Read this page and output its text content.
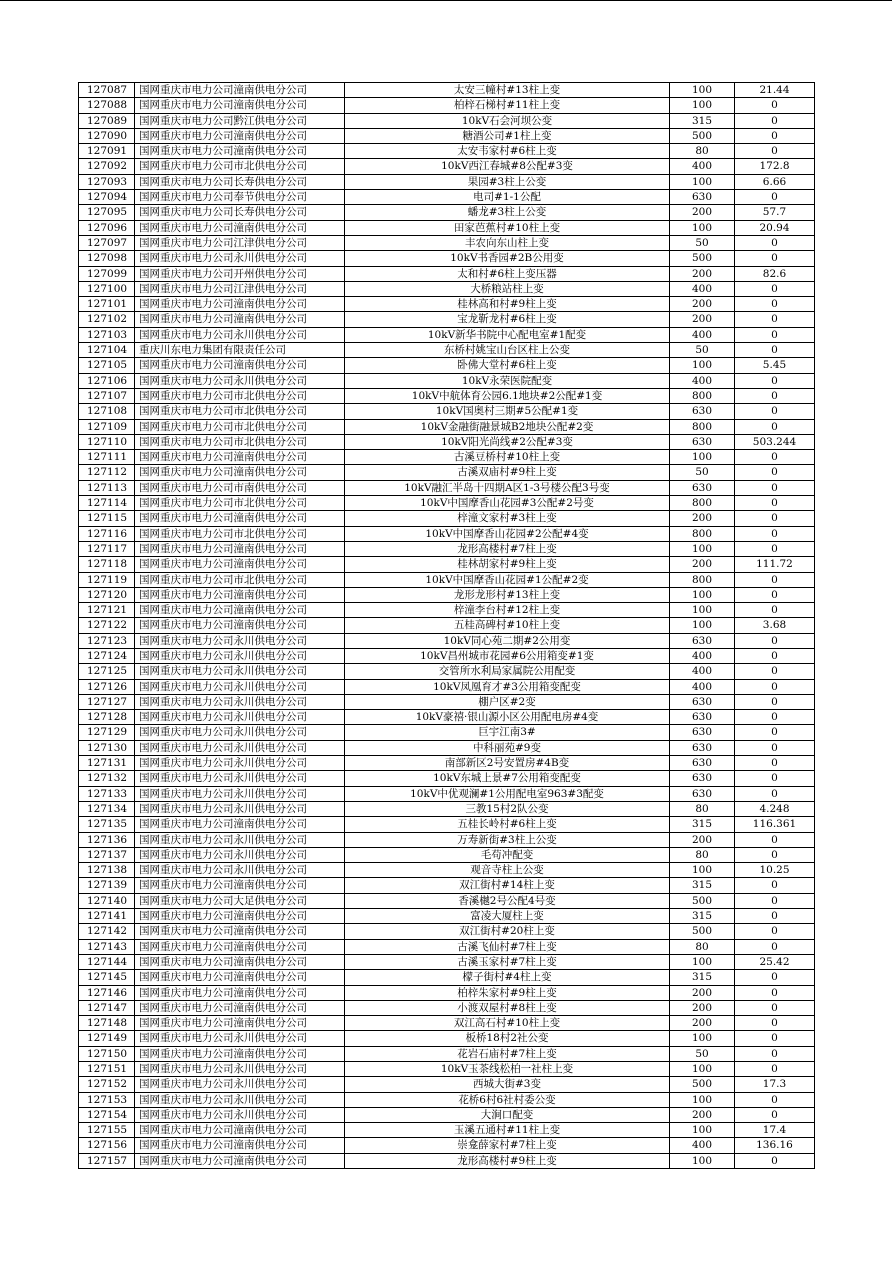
127087	国网重庆市电力公司潼南供电分公司	太安三幢村#13柱上变	100	21.44
127088	国网重庆市电力公司潼南供电分公司	柏梓石梯村#11柱上变	100	0
127089	国网重庆市电力公司黔江供电分公司	10kV石会河坝公变	315	0
127090	国网重庆市电力公司潼南供电分公司	糖酒公司#1柱上变	500	0
127091	国网重庆市电力公司潼南供电分公司	太安韦家村#6柱上变	80	0
127092	国网重庆市电力公司市北供电分公司	10kV西江春城#8公配#3变	400	172.8
127093	国网重庆市电力公司长寿供电分公司	果园#3柱上公变	100	6.66
127094	国网重庆市电力公司奉节供电分公司	电司#1-1公配	630	0
127095	国网重庆市电力公司长寿供电分公司	蟠龙#3柱上公变	200	57.7
127096	国网重庆市电力公司潼南供电分公司	田家芭蕉村#10柱上变	100	20.94
127097	国网重庆市电力公司江津供电分公司	丰农向东山柱上变	50	0
127098	国网重庆市电力公司永川供电分公司	10kV书香园#2B公用变	500	0
127099	国网重庆市电力公司开州供电分公司	太和村#6柱上变压器	200	82.6
127100	国网重庆市电力公司江津供电分公司	大桥粮站柱上变	400	0
127101	国网重庆市电力公司潼南供电分公司	桂林高和村#9柱上变	200	0
127102	国网重庆市电力公司潼南供电分公司	宝龙靳龙村#6柱上变	200	0
127103	国网重庆市电力公司永川供电分公司	10kV新华书院中心配电室#1配变	400	0
127104	重庆川东电力集团有限责任公司	东桥村姚宝山台区柱上公变	50	0
127105	国网重庆市电力公司潼南供电分公司	卧佛大堂村#6柱上变	100	5.45
127106	国网重庆市电力公司永川供电分公司	10kV永荣医院配变	400	0
127107	国网重庆市电力公司市北供电分公司	10kV中航体育公园6.1地块#2公配#1变	800	0
127108	国网重庆市电力公司市北供电分公司	10kV国奥村三期#5公配#1变	630	0
127109	国网重庆市电力公司市北供电分公司	10kV金融街融景城B2地块公配#2变	800	0
127110	国网重庆市电力公司市北供电分公司	10kV阳光尚线#2公配#3变	630	503.244
127111	国网重庆市电力公司潼南供电分公司	古溪豆桥村#10柱上变	100	0
127112	国网重庆市电力公司潼南供电分公司	古溪双庙村#9柱上变	50	0
127113	国网重庆市电力公司市南供电分公司	10kV融汇半岛十四期A区1-3号楼公配3号变	630	0
127114	国网重庆市电力公司市北供电分公司	10kV中国摩香山花园#3公配#2号变	800	0
127115	国网重庆市电力公司潼南供电分公司	梓潼文家村#3柱上变	200	0
127116	国网重庆市电力公司市北供电分公司	10kV中国摩香山花园#2公配#4变	800	0
127117	国网重庆市电力公司潼南供电分公司	龙形高楼村#7柱上变	100	0
127118	国网重庆市电力公司潼南供电分公司	桂林胡家村#9柱上变	200	111.72
127119	国网重庆市电力公司市北供电分公司	10kV中国摩香山花园#1公配#2变	800	0
127120	国网重庆市电力公司潼南供电分公司	龙形龙形村#13柱上变	100	0
127121	国网重庆市电力公司潼南供电分公司	梓潼李台村#12柱上变	100	0
127122	国网重庆市电力公司潼南供电分公司	五桂高碑村#10柱上变	100	3.68
127123	国网重庆市电力公司永川供电分公司	10kV同心苑二期#2公用变	630	0
127124	国网重庆市电力公司永川供电分公司	10kV昌州城市花园#6公用箱变#1变	400	0
127125	国网重庆市电力公司永川供电分公司	交管所水利局家属院公用配变	400	0
127126	国网重庆市电力公司永川供电分公司	10kV凤凰育才#3公用箱变配变	400	0
127127	国网重庆市电力公司永川供电分公司	棚户区#2变	630	0
127128	国网重庆市电力公司永川供电分公司	10kV豪禧·银山源小区公用配电房#4变	630	0
127129	国网重庆市电力公司永川供电分公司	巨宇江南3#	630	0
127130	国网重庆市电力公司永川供电分公司	中科丽苑#9变	630	0
127131	国网重庆市电力公司永川供电分公司	南部新区2号安置房#4B变	630	0
127132	国网重庆市电力公司永川供电分公司	10kV东城上景#7公用箱变配变	630	0
127133	国网重庆市电力公司永川供电分公司	10kV中优观澜#1公用配电室963#3配变	630	0
127134	国网重庆市电力公司永川供电分公司	三教15村2队公变	80	4.248
127135	国网重庆市电力公司潼南供电分公司	五桂长岭村#6柱上变	315	116.361
127136	国网重庆市电力公司永川供电分公司	万寿新街#3柱上公变	200	0
127137	国网重庆市电力公司永川供电分公司	毛苟冲配变	80	0
127138	国网重庆市电力公司永川供电分公司	观音寺柱上公变	100	10.25
127139	国网重庆市电力公司潼南供电分公司	双江街村#14柱上变	315	0
127140	国网重庆市电力公司大足供电分公司	香溪樾2号公配4号变	500	0
127141	国网重庆市电力公司潼南供电分公司	富凌大厦柱上变	315	0
127142	国网重庆市电力公司潼南供电分公司	双江街村#20柱上变	500	0
127143	国网重庆市电力公司潼南供电分公司	古溪飞仙村#7柱上变	80	0
127144	国网重庆市电力公司潼南供电分公司	古溪玉家村#7柱上变	100	25.42
127145	国网重庆市电力公司潼南供电分公司	檬子街村#4柱上变	315	0
127146	国网重庆市电力公司潼南供电分公司	柏梓朱家村#9柱上变	200	0
127147	国网重庆市电力公司潼南供电分公司	小渡双屋村#8柱上变	200	0
127148	国网重庆市电力公司潼南供电分公司	双江高石村#10柱上变	200	0
127149	国网重庆市电力公司永川供电分公司	板桥18村2社公变	100	0
127150	国网重庆市电力公司潼南供电分公司	花岩石庙村#7柱上变	50	0
127151	国网重庆市电力公司永川供电分公司	10kV玉茶线松柏一社柱上变	100	0
127152	国网重庆市电力公司永川供电分公司	西城大街#3变	500	17.3
127153	国网重庆市电力公司永川供电分公司	花桥6村6社村委公变	100	0
127154	国网重庆市电力公司永川供电分公司	大涧口配变	200	0
127155	国网重庆市电力公司潼南供电分公司	玉溪五通村#11柱上变	100	17.4
127156	国网重庆市电力公司潼南供电分公司	崇龛薛家村#7柱上变	400	136.16
127157	国网重庆市电力公司潼南供电分公司	龙形高楼村#9柱上变	100	0
